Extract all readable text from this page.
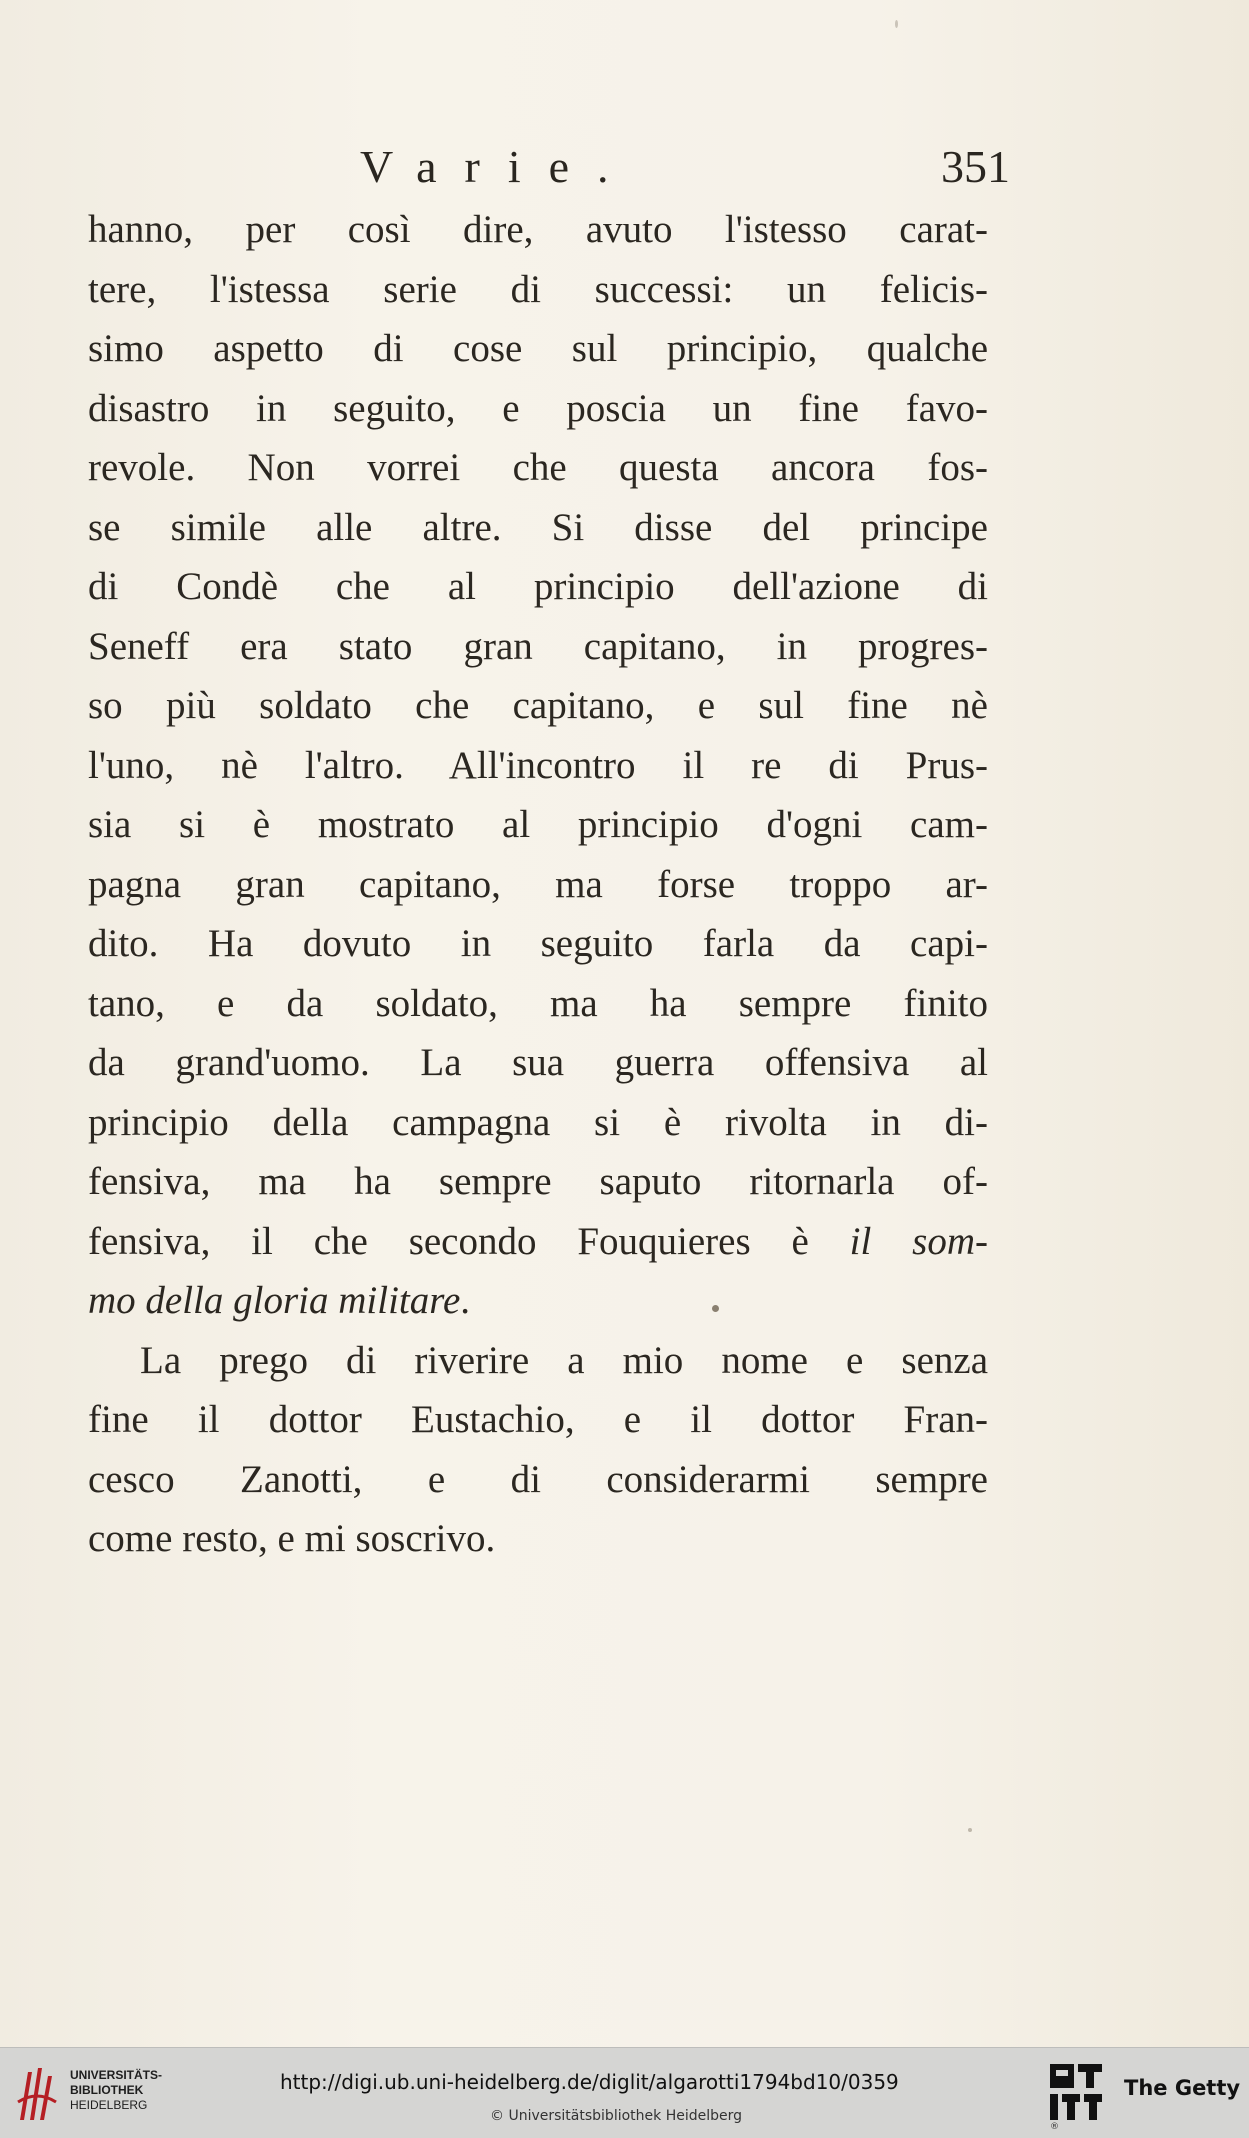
Varie.	351
hanno, per così dire, avuto l'istesso carat-
tere, l'istessa serie di successi: un felicis-
simo aspetto di cose sul principio, qualche
disastro in seguito, e poscia un fine favo-
revole. Non vorrei che questa ancora fos-
se simile alle altre. Si disse del principe
di Condè che al principio dell'azione di
Seneff era stato gran capitano, in progres-
so più soldato che capitano, e sul fine nè
l'uno, nè l'altro. All'incontro il re di Prus-
sia si è mostrato al principio d'ogni cam-
pagna gran capitano, ma forse troppo ar-
dito. Ha dovuto in seguito farla da capi-
tano, e da soldato, ma ha sempre finito
da grand'uomo. La sua guerra offensiva al
principio della campagna si è rivolta in di-
fensiva, ma ha sempre saputo ritornarla of-
fensiva, il che secondo Fouquieres è il som-
mo della gloria militare.
La prego di riverire a mio nome e senza
fine il dottor Eustachio, e il dottor Fran-
cesco Zanotti, e di considerarmi sempre
come resto, e mi soscrivo.
UNIVERSITÄTS-
BIBLIOTHEK
HEIDELBERG
http://digi.ub.uni-heidelberg.de/diglit/algarotti1794bd10/0359
© Universitätsbibliothek Heidelberg
®
The Getty
